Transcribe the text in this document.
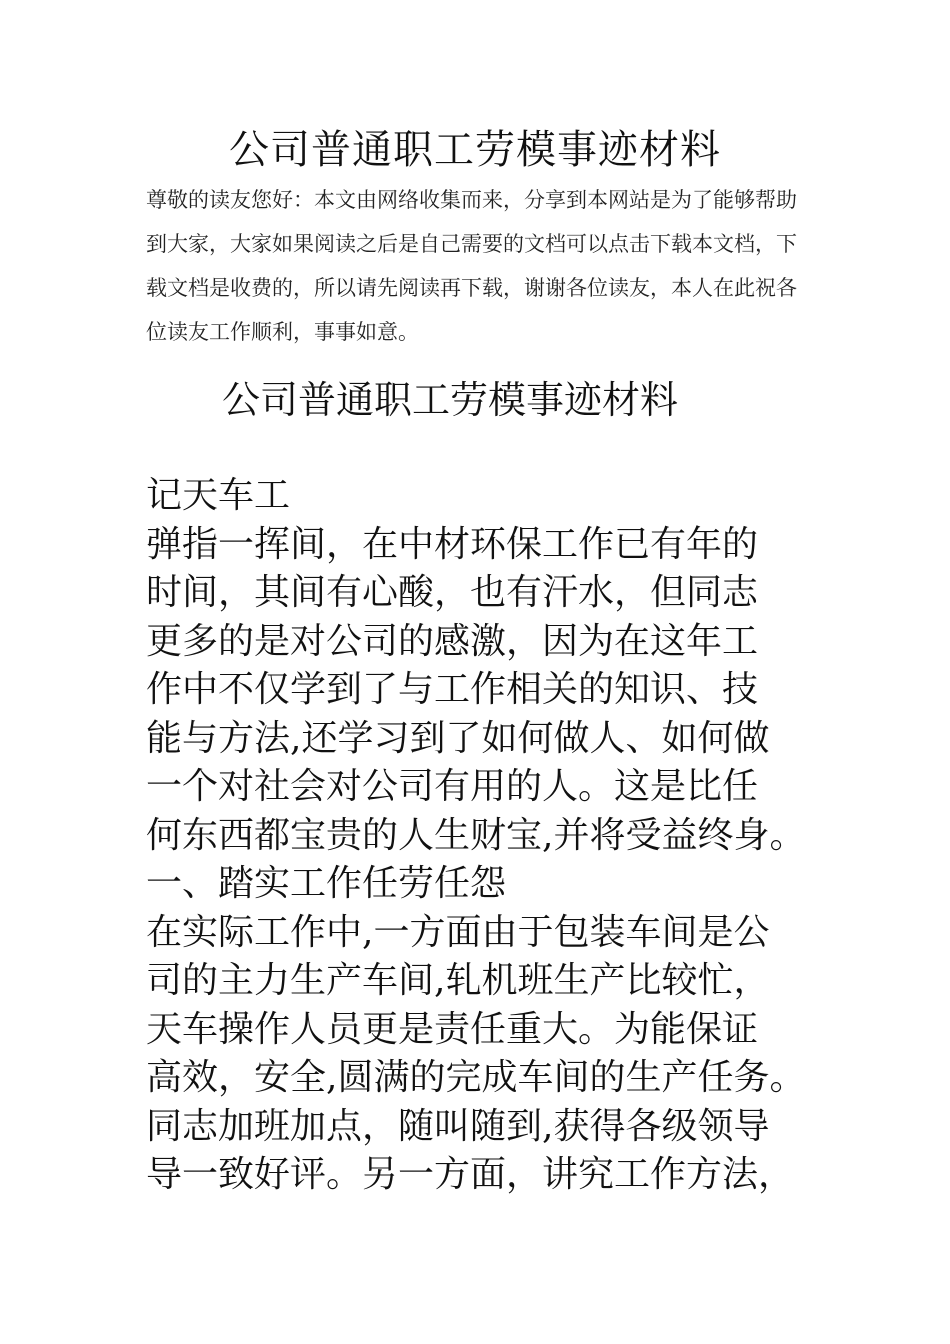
公司普通职工劳模事迹材料
尊敬的读友您好：本文由网络收集而来，分享到本网站是为了能够帮助到大家，大家如果阅读之后是自己需要的文档可以点击下载本文档，下载文档是收费的，所以请先阅读再下载，谢谢各位读友，本人在此祝各位读友工作顺利，事事如意。
公司普通职工劳模事迹材料
记天车工
弹指一挥间，在中材环保工作已有年的
时间，其间有心酸，也有汗水，但同志
更多的是对公司的感激，因为在这年工
作中不仅学到了与工作相关的知识、技
能与方法,还学习到了如何做人、如何做
一个对社会对公司有用的人。这是比任
何东西都宝贵的人生财宝,并将受益终身。
一、踏实工作任劳任怨
在实际工作中,一方面由于包装车间是公
司的主力生产车间,轧机班生产比较忙，
天车操作人员更是责任重大。为能保证
高效，安全,圆满的完成车间的生产任务。
同志加班加点，随叫随到,获得各级领导
导一致好评。另一方面，讲究工作方法，
